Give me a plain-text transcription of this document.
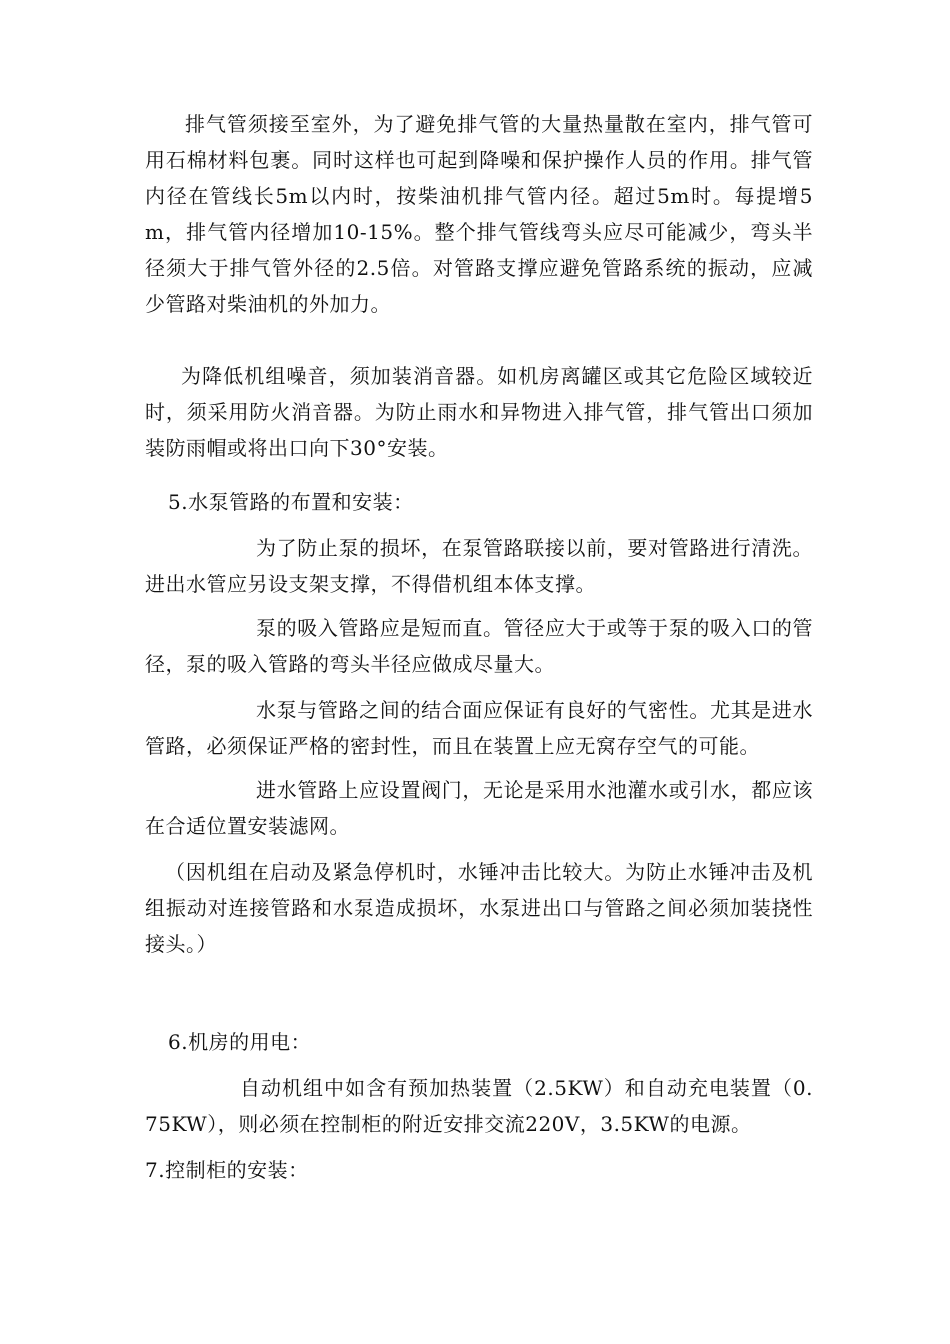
排气管须接至室外，为了避免排气管的大量热量散在室内，排气管可用石棉材料包裹。同时这样也可起到降噪和保护操作人员的作用。排气管内径在管线长5m以内时，按柴油机排气管内径。超过5m时。每提增5m，排气管内径增加10-15%。整个排气管线弯头应尽可能减少，弯头半径须大于排气管外径的2.5倍。对管路支撑应避免管路系统的振动，应减少管路对柴油机的外加力。

为降低机组噪音，须加装消音器。如机房离罐区或其它危险区域较近时，须采用防火消音器。为防止雨水和异物进入排气管，排气管出口须加装防雨帽或将出口向下30°安装。

5.水泵管路的布置和安装：

为了防止泵的损坏，在泵管路联接以前，要对管路进行清洗。进出水管应另设支架支撑，不得借机组本体支撑。

泵的吸入管路应是短而直。管径应大于或等于泵的吸入口的管径，泵的吸入管路的弯头半径应做成尽量大。

水泵与管路之间的结合面应保证有良好的气密性。尤其是进水管路，必须保证严格的密封性，而且在装置上应无窝存空气的可能。

进水管路上应设置阀门，无论是采用水池灌水或引水，都应该在合适位置安装滤网。

（因机组在启动及紧急停机时，水锤冲击比较大。为防止水锤冲击及机组振动对连接管路和水泵造成损坏，水泵进出口与管路之间必须加装挠性接头。）

6.机房的用电：

自动机组中如含有预加热装置（2.5KW）和自动充电装置（0.75KW），则必须在控制柜的附近安排交流220V，3.5KW的电源。

7.控制柜的安装：
